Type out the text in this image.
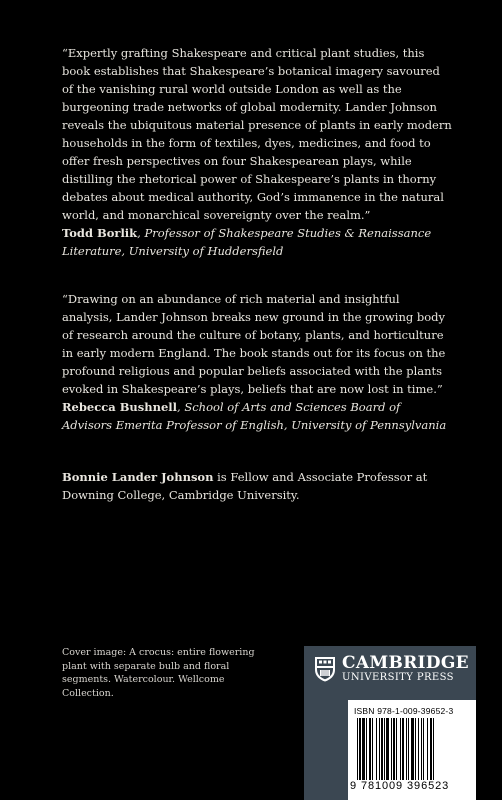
“Expertly grafting Shakespeare and critical plant studies, this book establishes that Shakespeare’s botanical imagery savoured of the vanishing rural world outside London as well as the burgeoning trade networks of global modernity. Lander Johnson reveals the ubiquitous material presence of plants in early modern households in the form of textiles, dyes, medicines, and food to offer fresh perspectives on four Shakespearean plays, while distilling the rhetorical power of Shakespeare’s plants in thorny debates about medical authority, God’s immanence in the natural world, and monarchical sovereignty over the realm.”

Todd Borlik, Professor of Shakespeare Studies & Renaissance Literature, University of Huddersfield

“Drawing on an abundance of rich material and insightful analysis, Lander Johnson breaks new ground in the growing body of research around the culture of botany, plants, and horticulture in early modern England. The book stands out for its focus on the profound religious and popular beliefs associated with the plants evoked in Shakespeare’s plays, beliefs that are now lost in time.”

Rebecca Bushnell, School of Arts and Sciences Board of Advisors Emerita Professor of English, University of Pennsylvania

Bonnie Lander Johnson is Fellow and Associate Professor at Downing College, Cambridge University.

Cover image: A crocus: entire flowering plant with separate bulb and floral segments. Watercolour. Wellcome Collection.
CAMBRIDGE
UNIVERSITY PRESS
ISBN 978-1-009-39652-3
9 781009 396523
